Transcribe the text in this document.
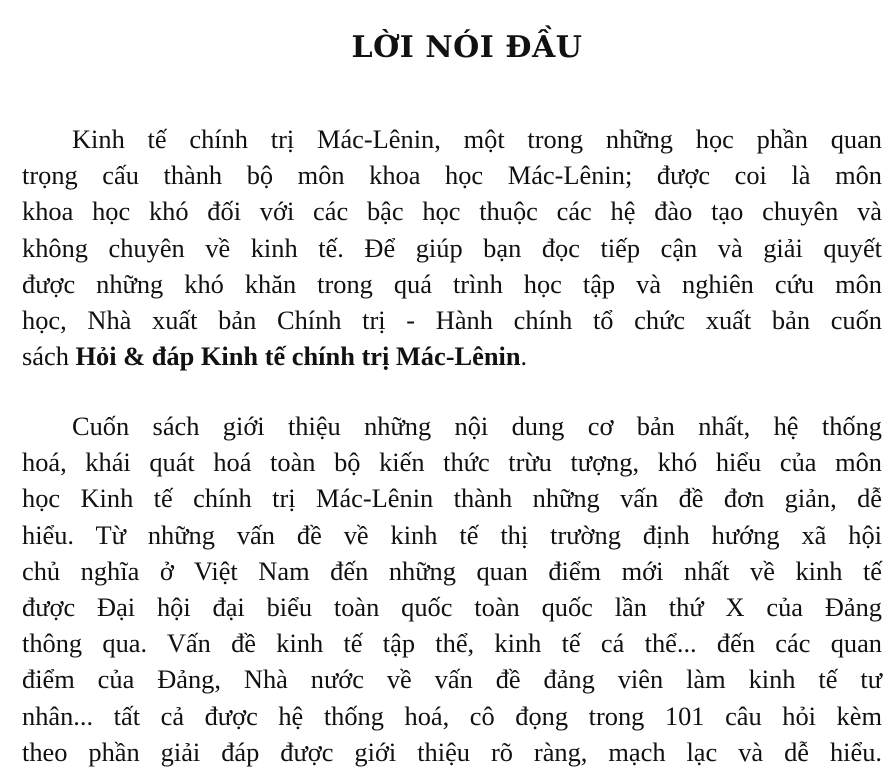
LỜI NÓI ĐẦU

Kinh tế chính trị Mác-Lênin, một trong những học phần quan
trọng cấu thành bộ môn khoa học Mác-Lênin; được coi là môn
khoa học khó đối với các bậc học thuộc các hệ đào tạo chuyên và
không chuyên về kinh tế. Để giúp bạn đọc tiếp cận và giải quyết
được những khó khăn trong quá trình học tập và nghiên cứu môn
học, Nhà xuất bản Chính trị - Hành chính tổ chức xuất bản cuốn
sách Hỏi & đáp Kinh tế chính trị Mác-Lênin.

Cuốn sách giới thiệu những nội dung cơ bản nhất, hệ thống
hoá, khái quát hoá toàn bộ kiến thức trừu tượng, khó hiểu của môn
học Kinh tế chính trị Mác-Lênin thành những vấn đề đơn giản, dễ
hiểu. Từ những vấn đề về kinh tế thị trường định hướng xã hội
chủ nghĩa ở Việt Nam đến những quan điểm mới nhất về kinh tế
được Đại hội đại biểu toàn quốc toàn quốc lần thứ X của Đảng
thông qua. Vấn đề kinh tế tập thể, kinh tế cá thể... đến các quan
điểm của Đảng, Nhà nước về vấn đề đảng viên làm kinh tế tư
nhân... tất cả được hệ thống hoá, cô đọng trong 101 câu hỏi kèm
theo phần giải đáp được giới thiệu rõ ràng, mạch lạc và dễ hiểu.
